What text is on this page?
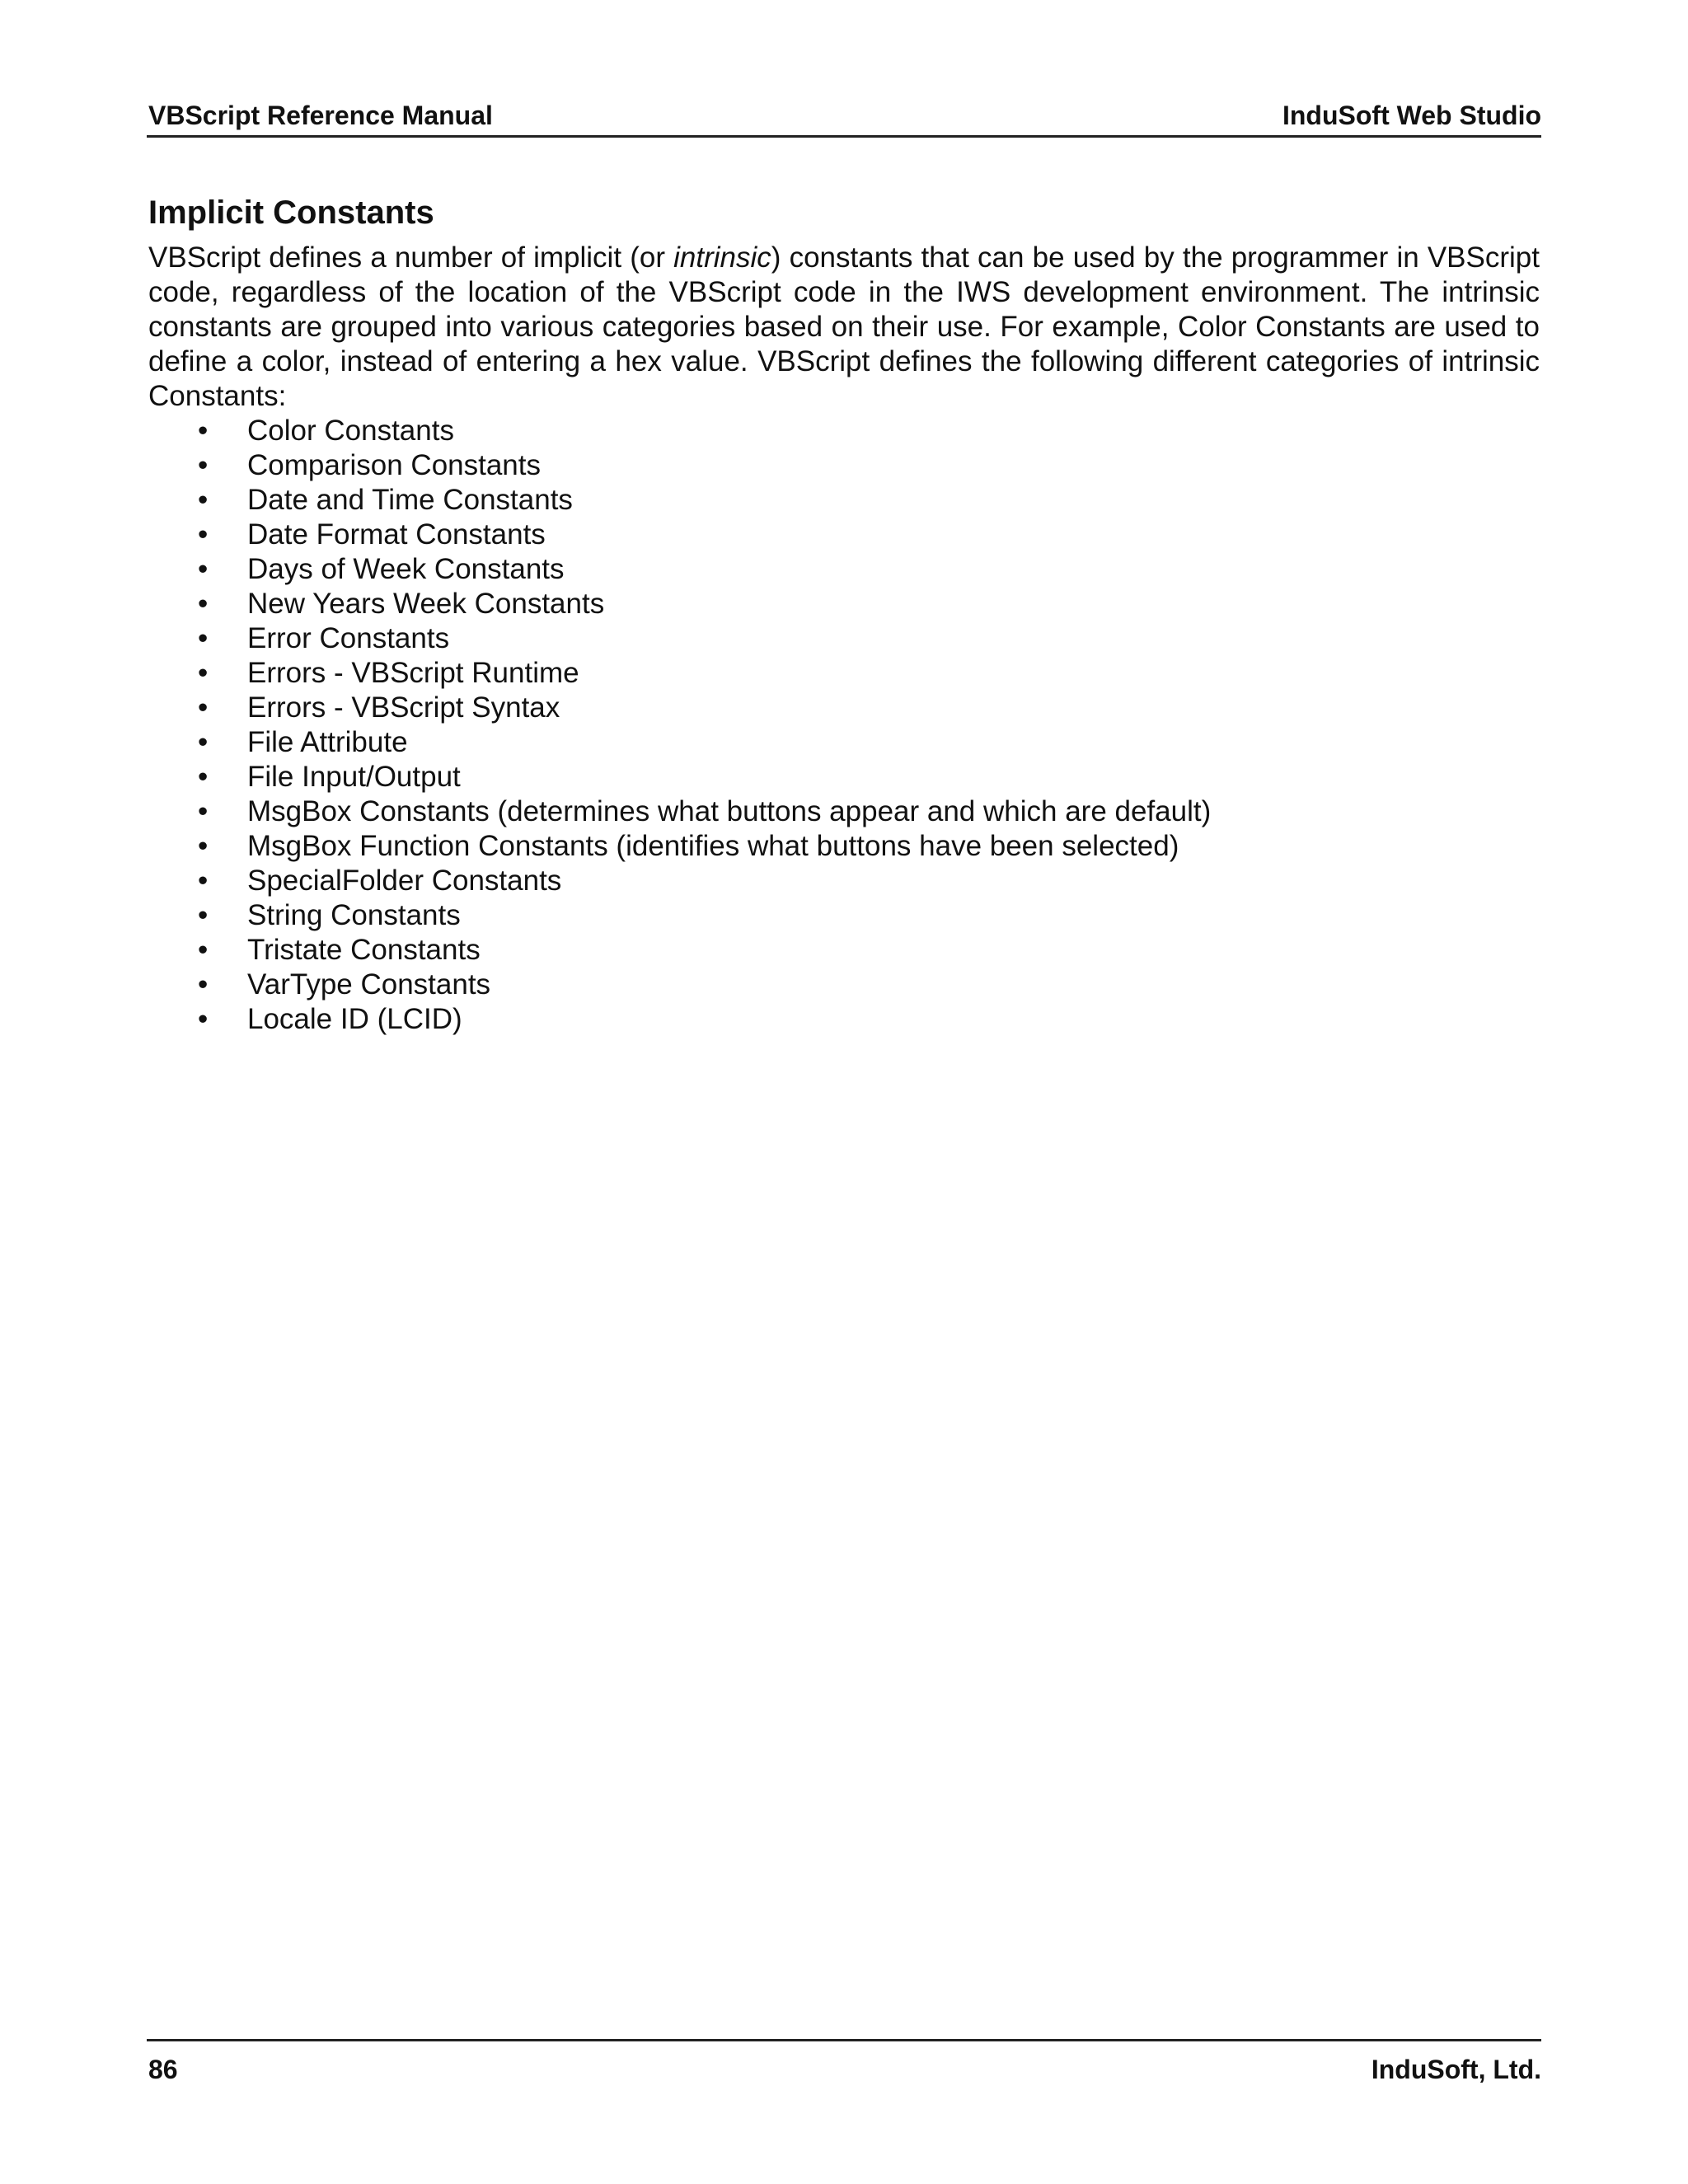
VBScript Reference Manual	InduSoft Web Studio
Implicit Constants

VBScript defines a number of implicit (or intrinsic) constants that can be used by the programmer in VBScript code, regardless of the location of the VBScript code in the IWS development environment. The intrinsic constants are grouped into various categories based on their use. For example, Color Constants are used to define a color, instead of entering a hex value. VBScript defines the following different categories of intrinsic Constants:

• Color Constants
• Comparison Constants
• Date and Time Constants
• Date Format Constants
• Days of Week Constants
• New Years Week Constants
• Error Constants
• Errors - VBScript Runtime
• Errors - VBScript Syntax
• File Attribute
• File Input/Output
• MsgBox Constants (determines what buttons appear and which are default)
• MsgBox Function Constants (identifies what buttons have been selected)
• SpecialFolder Constants
• String Constants
• Tristate Constants
• VarType Constants
• Locale ID (LCID)
86	InduSoft, Ltd.
